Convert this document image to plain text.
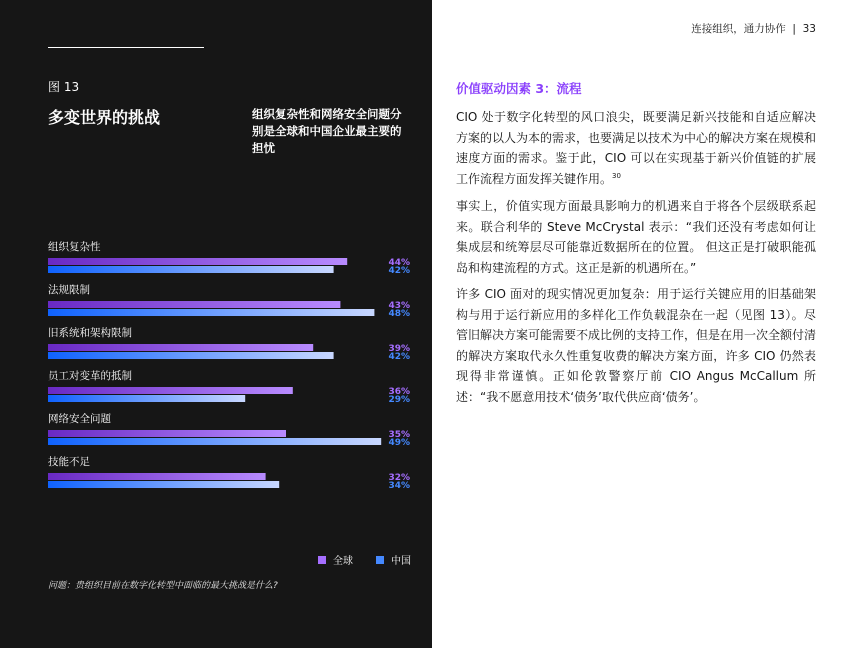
图 13
多变世界的挑战	组织复杂性和网络安全问题分别是全球和中国企业最主要的担忧
组织复杂性
44%
42%
法规限制
43%
48%
旧系统和架构限制
39%
42%
员工对变革的抵制
36%
29%
网络安全问题
35%
49%
技能不足
32%
34%
全球	中国
问题：贵组织目前在数字化转型中面临的最大挑战是什么?
连接组织，通力协作  |  33
价值驱动因素 3：流程

CIO 处于数字化转型的风口浪尖，既要满足新兴技能和自适应解决方案的以人为本的需求，也要满足以技术为中心的解决方案在规模和速度方面的需求。鉴于此，CIO 可以在实现基于新兴价值链的扩展工作流程方面发挥关键作用。$^{30}$

事实上，价值实现方面最具影响力的机遇来自于将各个层级联系起来。联合利华的 Steve McCrystal 表示：“我们还没有考虑如何让集成层和统筹层尽可能靠近数据所在的位置。 但这正是打破职能孤岛和构建流程的方式。这正是新的机遇所在。”

许多 CIO 面对的现实情况更加复杂：用于运行关键应用的旧基础架构与用于运行新应用的多样化工作负载混杂在一起（见图 13）。尽管旧解决方案可能需要不成比例的支持工作，但是在用一次全额付清的解决方案取代永久性重复收费的解决方案方面，许多 CIO 仍然表现得非常谨慎。正如伦敦警察厅前 CIO Angus McCallum 所述：“我不愿意用技术‘债务’取代供应商‘债务’。
